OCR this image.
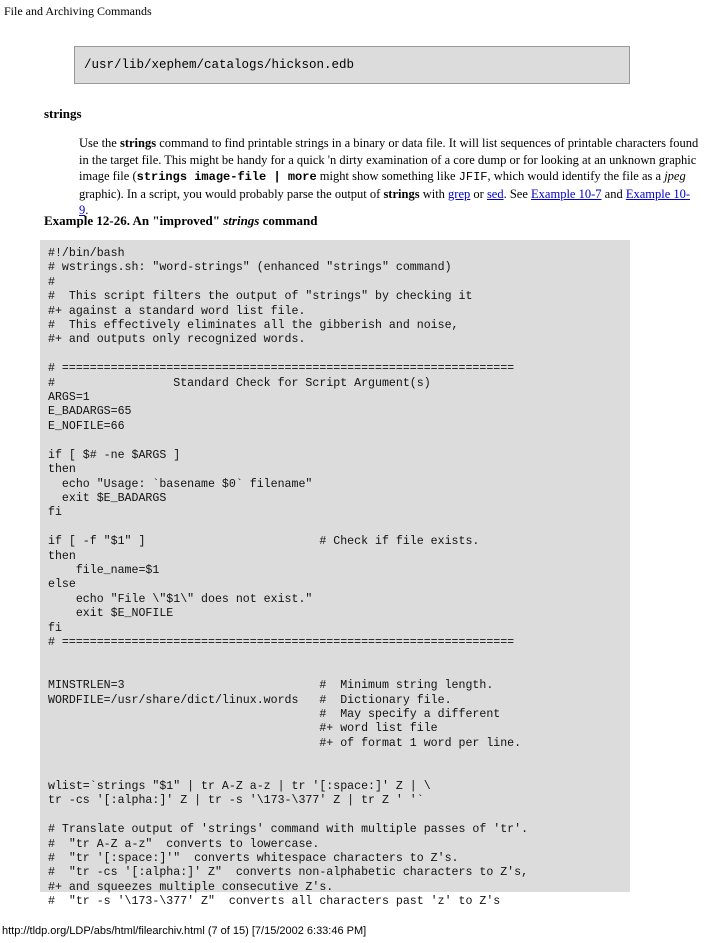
File and Archiving Commands
/usr/lib/xephem/catalogs/hickson.edb
strings
Use the strings command to find printable strings in a binary or data file. It will list sequences of printable characters found in the target file. This might be handy for a quick 'n dirty examination of a core dump or for looking at an unknown graphic image file (strings image-file | more might show something like JFIF, which would identify the file as a jpeg graphic). In a script, you would probably parse the output of strings with grep or sed. See Example 10-7 and Example 10-9.
Example 12-26. An "improved" strings command
#!/bin/bash
# wstrings.sh: "word-strings" (enhanced "strings" command)
#
#  This script filters the output of "strings" by checking it
#+ against a standard word list file.
#  This effectively eliminates all the gibberish and noise,
#+ and outputs only recognized words.

# =================================================================
#                 Standard Check for Script Argument(s)
ARGS=1
E_BADARGS=65
E_NOFILE=66

if [ $# -ne $ARGS ]
then
echo "Usage: `basename $0` filename"
exit $E_BADARGS
fi

if [ -f "$1" ]                         # Check if file exists.
then
file_name=$1
else
echo "File \"$1\" does not exist."
exit $E_NOFILE
fi
# =================================================================

MINSTRLEN=3                            #  Minimum string length.
WORDFILE=/usr/share/dict/linux.words   #  Dictionary file.
#  May specify a different
#+ word list file
#+ of format 1 word per line.

wlist=`strings "$1" | tr A-Z a-z | tr '[:space:]' Z | \
tr -cs '[:alpha:]' Z | tr -s '\173-\377' Z | tr Z ' '`

# Translate output of 'strings' command with multiple passes of 'tr'.
#  "tr A-Z a-z"  converts to lowercase.
#  "tr '[:space:]'"  converts whitespace characters to Z's.
#  "tr -cs '[:alpha:]' Z"  converts non-alphabetic characters to Z's,
#+ and squeezes multiple consecutive Z's.
#  "tr -s '\173-\377' Z"  converts all characters past 'z' to Z's
http://tldp.org/LDP/abs/html/filearchiv.html (7 of 15) [7/15/2002 6:33:46 PM]
